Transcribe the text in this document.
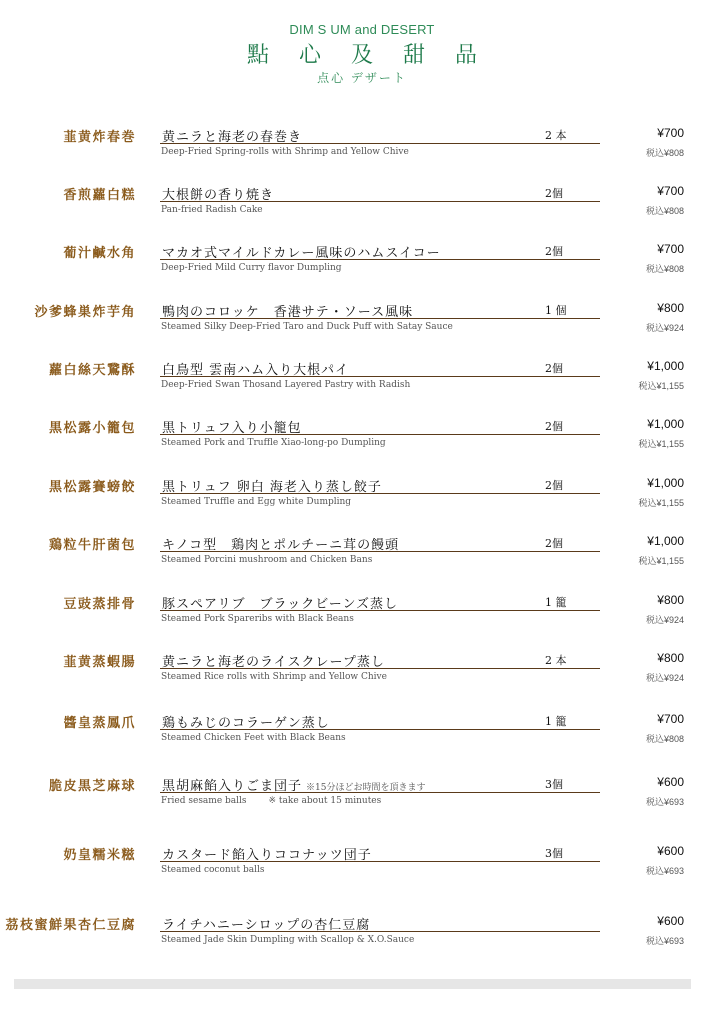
DIM S UM and DESERT
點心及甜品
点心 デザート
韮黄炸春巻 黄ニラと海老の春巻き	2 本
Deep-Fried Spring-rolls with Shrimp and Yellow Chive
¥700
税込¥808
香煎蘿白糕 大根餅の香り焼き	2個
Pan-fried Radish Cake
¥700
税込¥808
葡汁鹹水角 マカオ式マイルドカレー風味のハムスイコー	2個
Deep-Fried Mild Curry flavor Dumpling
¥700
税込¥808
沙爹蜂巣炸芋角 鴨肉のコロッケ　香港サテ・ソース風味	1 個
Steamed Silky Deep-Fried Taro and Duck Puff with Satay Sauce
¥800
税込¥924
蘿白絲天鵞酥 白鳥型 雲南ハム入り大根パイ	2個
Deep-Fried Swan Thosand Layered Pastry with Radish
¥1,000
税込¥1,155
黒松露小籠包 黒トリュフ入り小籠包	2個
Steamed Pork and Truffle Xiao-long-po Dumpling
¥1,000
税込¥1,155
黒松露賽螃餃 黒トリュフ 卵白 海老入り蒸し餃子	2個
Steamed Truffle and Egg white Dumpling
¥1,000
税込¥1,155
鶏粒牛肝菌包 キノコ型　鶏肉とポルチーニ茸の饅頭	2個
Steamed Porcini mushroom and Chicken Bans
¥1,000
税込¥1,155
豆豉蒸排骨 豚スペアリブ　ブラックビーンズ蒸し	1 籠
Steamed Pork Spareribs with Black Beans
¥800
税込¥924
韮黄蒸蝦腸 黄ニラと海老のライスクレープ蒸し	2 本
Steamed Rice rolls with Shrimp and Yellow Chive
¥800
税込¥924
醬皇蒸鳳爪 鶏もみじのコラーゲン蒸し	1 籠
Steamed Chicken Feet with Black Beans
¥700
税込¥808
脆皮黒芝麻球 黒胡麻餡入りごま団子 ※15分ほどお時間を頂きます	3個
Fried sesame balls ※ take about 15 minutes
¥600
税込¥693
奶皇糯米糍 カスタード餡入りココナッツ団子	3個
Steamed coconut balls
¥600
税込¥693
茘枝蜜鮮果杏仁豆腐 ライチハニーシロップの杏仁豆腐
Steamed Jade Skin Dumpling with Scallop & X.O.Sauce
¥600
税込¥693
